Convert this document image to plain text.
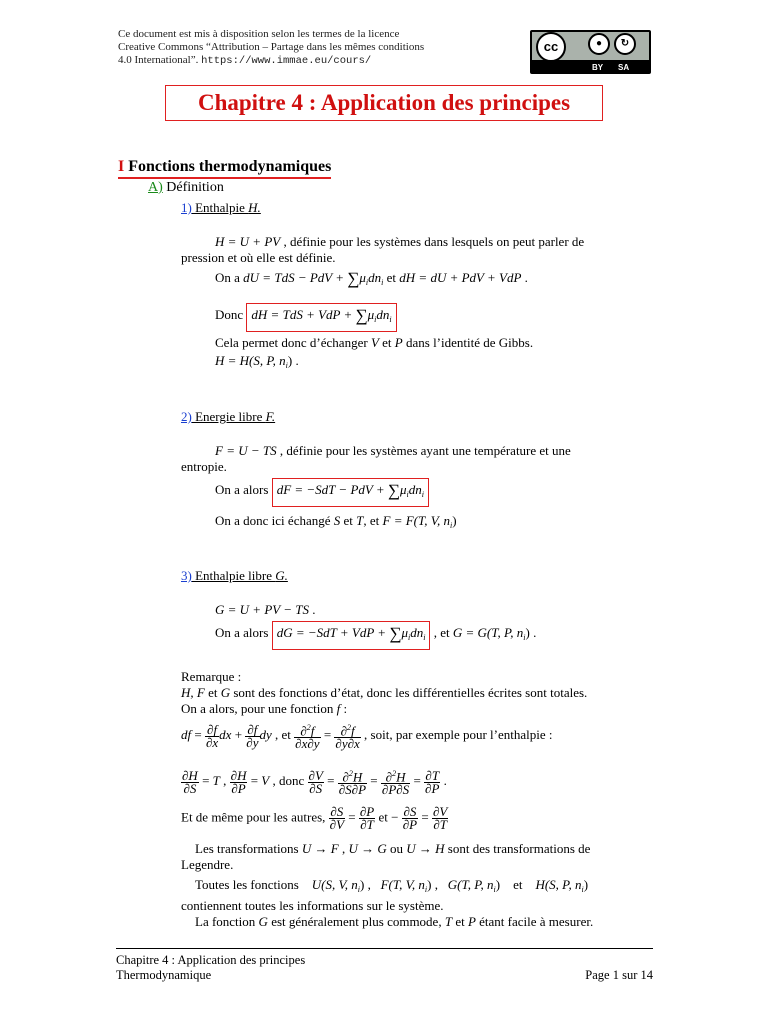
Ce document est mis à disposition selon les termes de la licence
Creative Commons “Attribution – Partage dans les mêmes conditions
4.0 International”. https://www.immae.eu/cours/
cc	●	↻
BY SA
Chapitre 4 : Application des principes
I Fonctions thermodynamiques
A) Définition
1) Enthalpie H.
H = U + PV , définie pour les systèmes dans lesquels on peut parler de
pression et où elle est définie.
On a dU = TdS − PdV + $\sum\mu_idn_i$ et dH = dU + PdV + VdP .
Donc dH = TdS + VdP + $\sum\mu_idn_i$
Cela permet donc d’échanger V et P dans l’identité de Gibbs.
H = H(S, P, $n_i$) .
2) Energie libre F.
F = U − TS , définie pour les systèmes ayant une température et une
entropie.
On a alors dF = −SdT − PdV + $\sum\mu_idn_i$
On a donc ici échangé S et T, et F = F(T, V, $n_i$)
3) Enthalpie libre G.
G = U + PV − TS .
On a alors dG = −SdT + VdP + $\sum\mu_idn_i$ , et G = G(T, P, $n_i$) .
Remarque :
H, F et G sont des fonctions d’état, donc les différentielles écrites sont totales.
On a alors, pour une fonction f :
df = $\frac{\partial f}{\partial x}$ dx + $\frac{\partial f}{\partial y}$ dy , et $\frac{\partial^2f}{\partial x\partial y} = \frac{\partial^2f}{\partial y\partial x}$ , soit, par exemple pour l’enthalpie :
$\frac{\partial H}{\partial S} = T$ , $\frac{\partial H}{\partial P} = V$ , donc $\frac{\partial V}{\partial S} = \frac{\partial^2H}{\partial S\partial P} = \frac{\partial^2H}{\partial P\partial S} = \frac{\partial T}{\partial P}$ .
Et de même pour les autres, $\frac{\partial S}{\partial V} = \frac{\partial P}{\partial T}$ et − $\frac{\partial S}{\partial P} = \frac{\partial V}{\partial T}$
Les transformations U → F , U → G ou U → H sont des transformations de
Legendre.
Toutes les fonctions    U(S, V, $n_i$) ,   F(T, V, $n_i$) ,   G(T, P, $n_i$)    et    H(S, P, $n_i$)
contiennent toutes les informations sur le système.
La fonction G est généralement plus commode, T et P étant facile à mesurer.
Chapitre 4 : Application des principes
Thermodynamique	Page 1 sur 14
